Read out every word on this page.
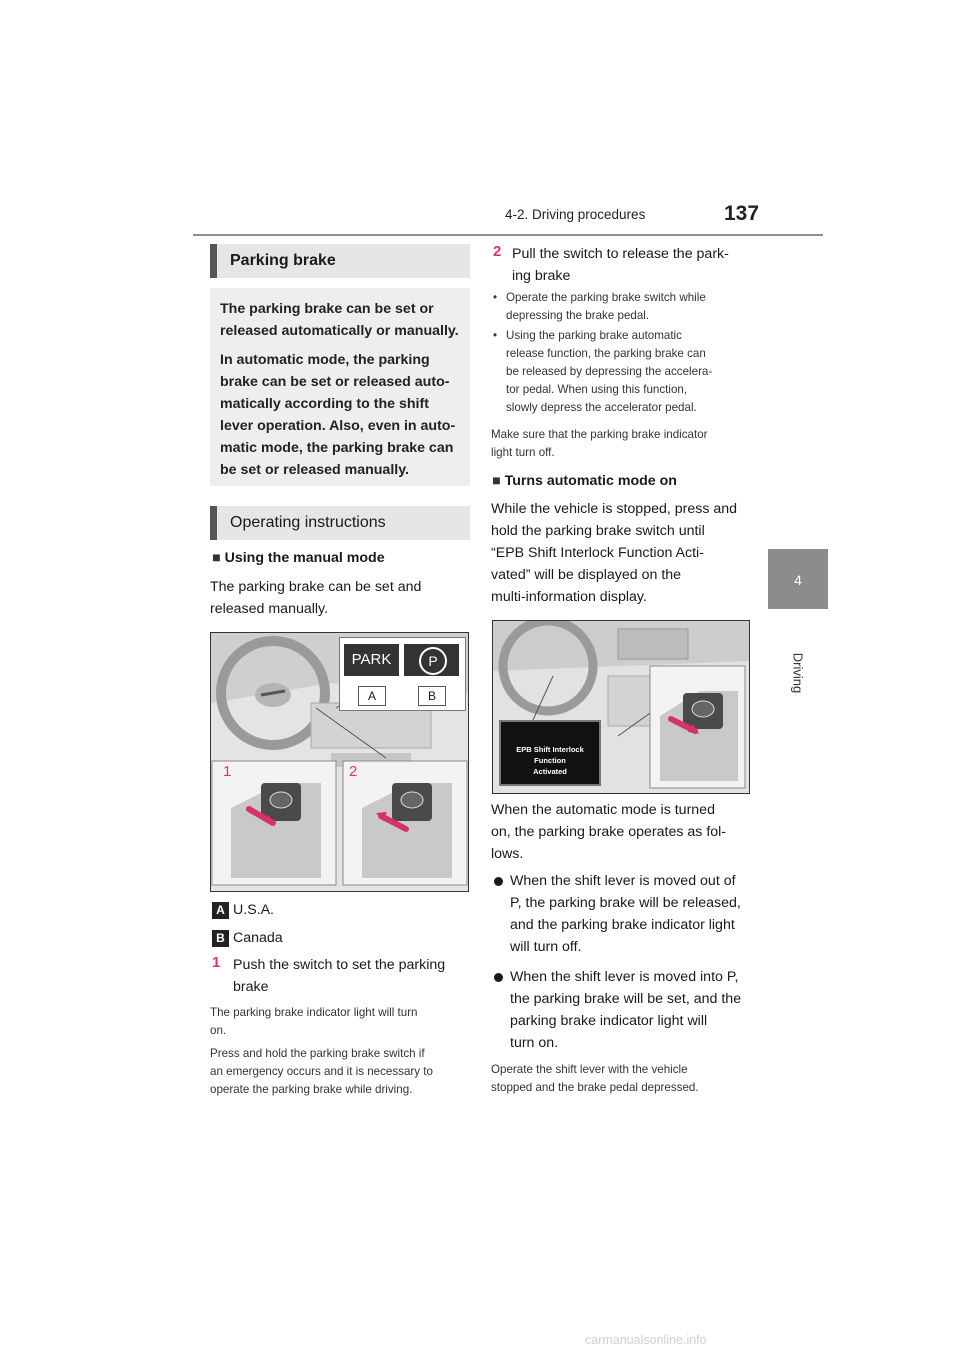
4-2. Driving procedures	137
4
Driving
Parking brake

The parking brake can be set or
released automatically or manually.

In automatic mode, the parking
brake can be set or released auto-
matically according to the shift
lever operation. Also, even in auto-
matic mode, the parking brake can
be set or released manually.

Operating instructions
■ Using the manual mode
The parking brake can be set and
released manually.
PARK	P
A	B
1	2
A U.S.A.
B Canada
1 Push the switch to set the parking
brake
The parking brake indicator light will turn
on.
Press and hold the parking brake switch if
an emergency occurs and it is necessary to
operate the parking brake while driving.
2 Pull the switch to release the park-
ing brake
• Operate the parking brake switch while
depressing the brake pedal.
• Using the parking brake automatic
release function, the parking brake can
be released by depressing the accelera-
tor pedal. When using this function,
slowly depress the accelerator pedal.
Make sure that the parking brake indicator
light turn off.
■ Turns automatic mode on
While the vehicle is stopped, press and
hold the parking brake switch until
“EPB Shift Interlock Function Acti-
vated” will be displayed on the
multi-information display.
EPB Shift Interlock Function
Activated
When the automatic mode is turned
on, the parking brake operates as fol-
lows.
When the shift lever is moved out of
P, the parking brake will be released,
and the parking brake indicator light
will turn off.
When the shift lever is moved into P,
the parking brake will be set, and the
parking brake indicator light will
turn on.
Operate the shift lever with the vehicle
stopped and the brake pedal depressed.
carmanualsonline.info
